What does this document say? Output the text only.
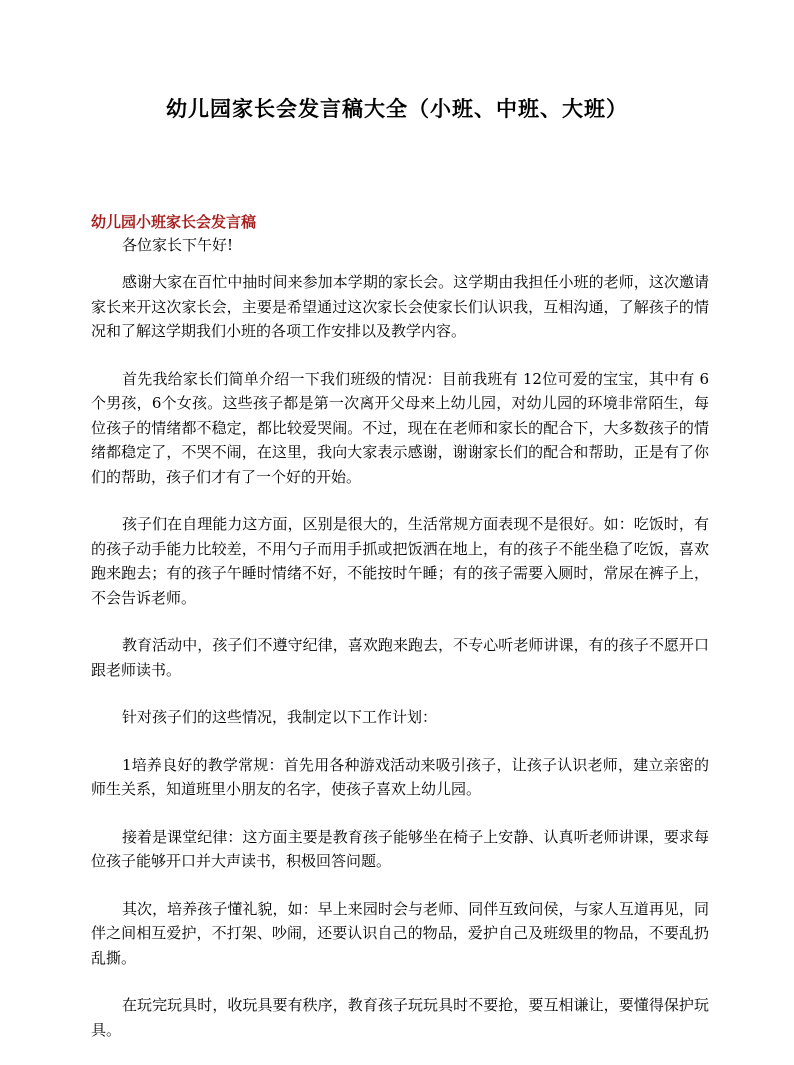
幼儿园家长会发言稿大全（小班、中班、大班）
幼儿园小班家长会发言稿

各位家长下午好!

感谢大家在百忙中抽时间来参加本学期的家长会。这学期由我担任小班的老师，这次邀请家长来开这次家长会，主要是希望通过这次家长会使家长们认识我，互相沟通，了解孩子的情况和了解这学期我们小班的各项工作安排以及教学内容。

首先我给家长们简单介绍一下我们班级的情况：目前我班有 12位可爱的宝宝，其中有 6个男孩，6个女孩。这些孩子都是第一次离开父母来上幼儿园，对幼儿园的环境非常陌生，每位孩子的情绪都不稳定，都比较爱哭闹。不过，现在在老师和家长的配合下，大多数孩子的情绪都稳定了，不哭不闹，在这里，我向大家表示感谢，谢谢家长们的配合和帮助，正是有了你们的帮助，孩子们才有了一个好的开始。

孩子们在自理能力这方面，区别是很大的，生活常规方面表现不是很好。如：吃饭时，有的孩子动手能力比较差，不用勺子而用手抓或把饭洒在地上，有的孩子不能坐稳了吃饭，喜欢跑来跑去；有的孩子午睡时情绪不好，不能按时午睡；有的孩子需要入厕时，常尿在裤子上，不会告诉老师。

教育活动中，孩子们不遵守纪律，喜欢跑来跑去，不专心听老师讲课，有的孩子不愿开口跟老师读书。

针对孩子们的这些情况，我制定以下工作计划：

1培养良好的教学常规：首先用各种游戏活动来吸引孩子，让孩子认识老师，建立亲密的师生关系，知道班里小朋友的名字，使孩子喜欢上幼儿园。

接着是课堂纪律：这方面主要是教育孩子能够坐在椅子上安静、认真听老师讲课，要求每位孩子能够开口并大声读书，积极回答问题。

其次，培养孩子懂礼貌，如：早上来园时会与老师、同伴互致问侯，与家人互道再见，同伴之间相互爱护，不打架、吵闹，还要认识自己的物品，爱护自己及班级里的物品，不要乱扔乱撕。

在玩完玩具时，收玩具要有秩序，教育孩子玩玩具时不要抢，要互相谦让，要懂得保护玩具。
